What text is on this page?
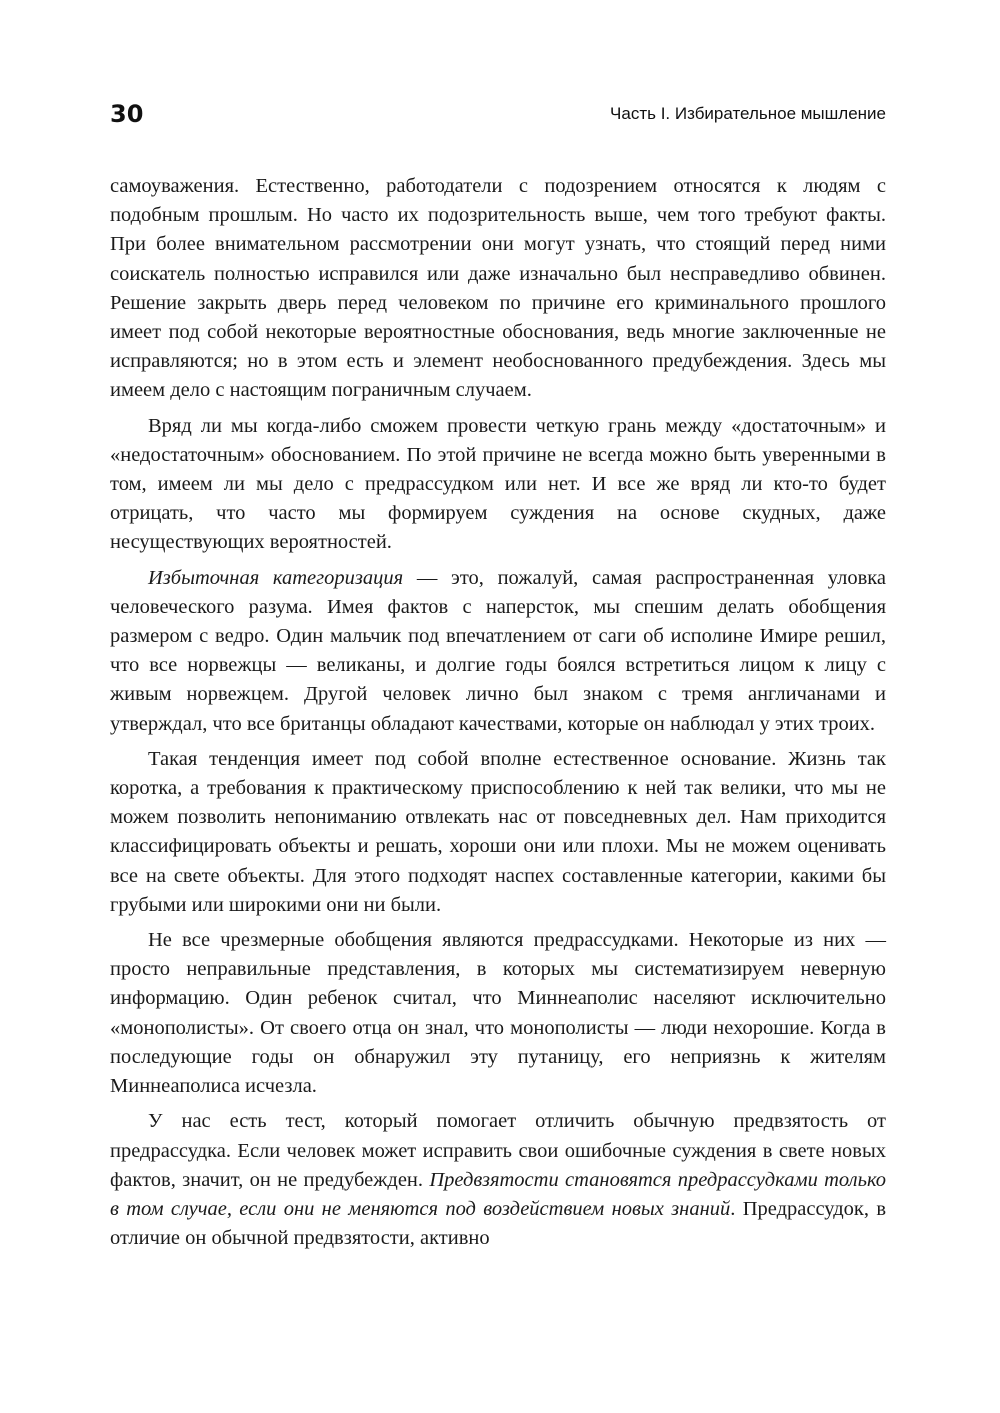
30	Часть I. Избирательное мышление

самоуважения. Естественно, работодатели с подозрением относятся к людям с подобным прошлым. Но часто их подозрительность выше, чем того требуют факты. При более внимательном рассмотрении они могут узнать, что стоящий перед ними соискатель полностью исправился или даже изначально был несправедливо обвинен. Решение закрыть дверь перед человеком по причине его криминального прошлого имеет под собой некоторые вероятностные обоснования, ведь многие заключенные не исправляются; но в этом есть и элемент необоснованного предубеждения. Здесь мы имеем дело с настоящим пограничным случаем.

Вряд ли мы когда-либо сможем провести четкую грань между «достаточным» и «недостаточным» обоснованием. По этой причине не всегда можно быть уверенными в том, имеем ли мы дело с предрассудком или нет. И все же вряд ли кто-то будет отрицать, что часто мы формируем суждения на основе скудных, даже несуществующих вероятностей.

Избыточная категоризация — это, пожалуй, самая распространенная уловка человеческого разума. Имея фактов с наперсток, мы спешим делать обобщения размером с ведро. Один мальчик под впечатлением от саги об исполине Имире решил, что все норвежцы — великаны, и долгие годы боялся встретиться лицом к лицу с живым норвежцем. Другой человек лично был знаком с тремя англичанами и утверждал, что все британцы обладают качествами, которые он наблюдал у этих троих.

Такая тенденция имеет под собой вполне естественное основание. Жизнь так коротка, а требования к практическому приспособлению к ней так велики, что мы не можем позволить непониманию отвлекать нас от повседневных дел. Нам приходится классифицировать объекты и решать, хороши они или плохи. Мы не можем оценивать все на свете объекты. Для этого подходят наспех составленные категории, какими бы грубыми или широкими они ни были.

Не все чрезмерные обобщения являются предрассудками. Некоторые из них — просто неправильные представления, в которых мы систематизируем неверную информацию. Один ребенок считал, что Миннеаполис населяют исключительно «монополисты». От своего отца он знал, что монополисты — люди нехорошие. Когда в последующие годы он обнаружил эту путаницу, его неприязнь к жителям Миннеаполиса исчезла.

У нас есть тест, который помогает отличить обычную предвзятость от предрассудка. Если человек может исправить свои ошибочные суждения в свете новых фактов, значит, он не предубежден. Предвзятости становятся предрассудками только в том случае, если они не меняются под воздействием новых знаний. Предрассудок, в отличие он обычной предвзятости, активно
